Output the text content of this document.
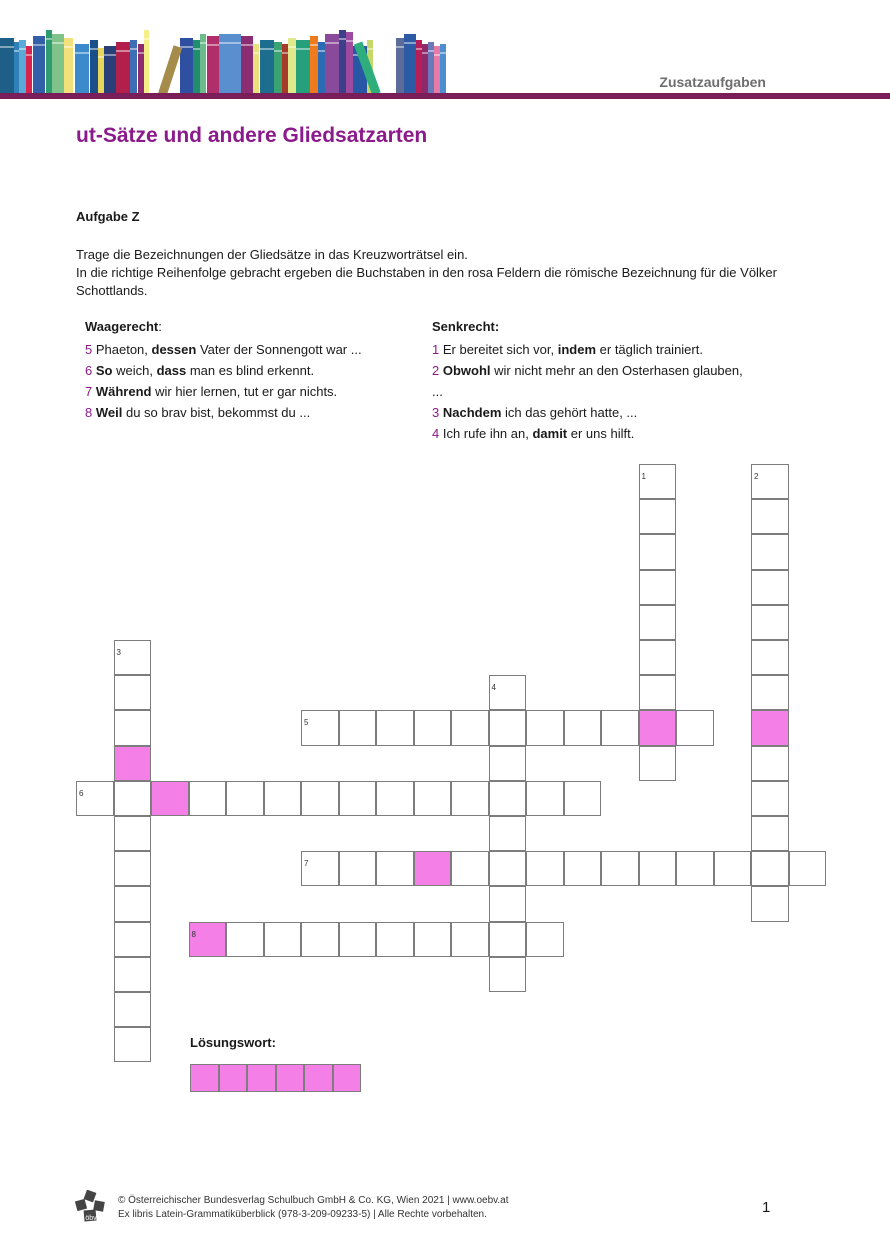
Zusatzaufgaben
ut-Sätze und andere Gliedsatzarten
Aufgabe Z
Trage die Bezeichnungen der Gliedsätze in das Kreuzworträtsel ein.
In die richtige Reihenfolge gebracht ergeben die Buchstaben in den rosa Feldern die römische Bezeichnung für die Völker Schottlands.
Waagerecht:
5 Phaeton, dessen Vater der Sonnengott war ...
6 So weich, dass man es blind erkennt.
7 Während wir hier lernen, tut er gar nichts.
8 Weil du so brav bist, bekommst du ...
Senkrecht:
1 Er bereitet sich vor, indem er täglich trainiert.
2 Obwohl wir nicht mehr an den Osterhasen glauben,
...
3 Nachdem ich das gehört hatte, ...
4 Ich rufe ihn an, damit er uns hilft.
1	2
3
4
5
6
7
8
Lösungswort:
öbv
© Österreichischer Bundesverlag Schulbuch GmbH & Co. KG, Wien 2021 | www.oebv.at
Ex libris Latein-Grammatiküberblick (978-3-209-09233-5) | Alle Rechte vorbehalten.	1
